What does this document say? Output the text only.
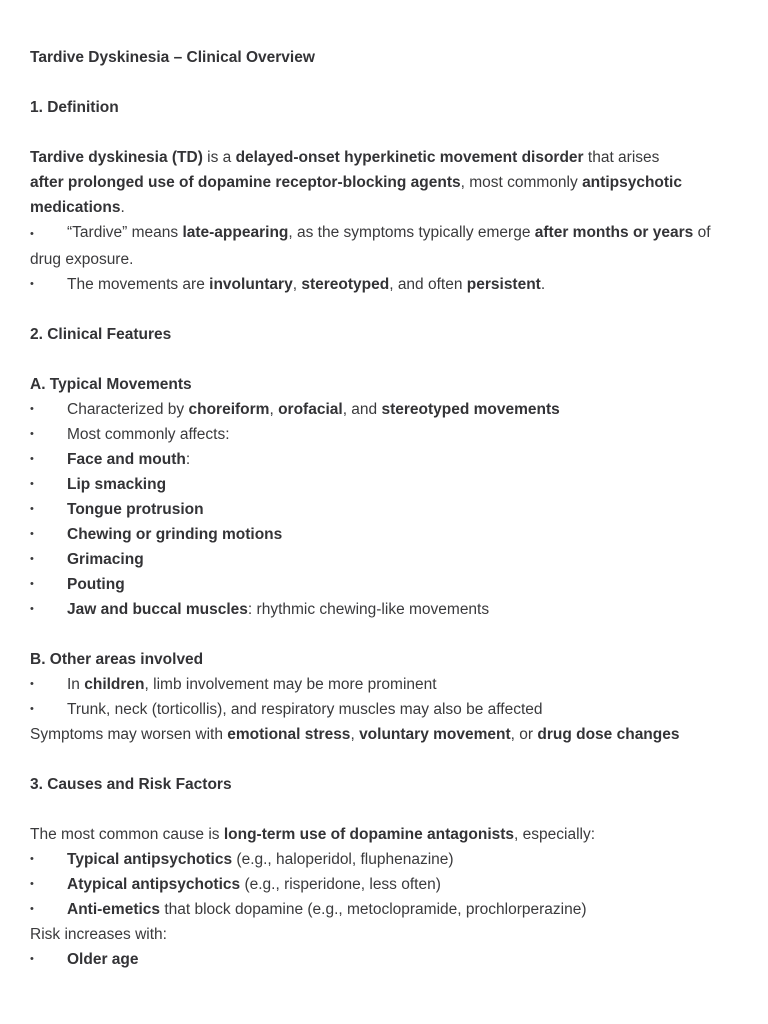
Tardive Dyskinesia – Clinical Overview
1. Definition
Tardive dyskinesia (TD) is a delayed-onset hyperkinetic movement disorder that arises
after prolonged use of dopamine receptor-blocking agents, most commonly antipsychotic medications.
• “Tardive” means late-appearing, as the symptoms typically emerge after months or years of drug exposure.
•	The movements are involuntary, stereotyped, and often persistent.
2. Clinical Features
A. Typical Movements
•	Characterized by choreiform, orofacial, and stereotyped movements
•	Most commonly affects:
•	Face and mouth:
•	Lip smacking
•	Tongue protrusion
•	Chewing or grinding motions
•	Grimacing
•	Pouting
•	Jaw and buccal muscles: rhythmic chewing-like movements
B. Other areas involved
•	In children, limb involvement may be more prominent
•	Trunk, neck (torticollis), and respiratory muscles may also be affected
Symptoms may worsen with emotional stress, voluntary movement, or drug dose changes
3. Causes and Risk Factors
The most common cause is long-term use of dopamine antagonists, especially:
•	Typical antipsychotics (e.g., haloperidol, fluphenazine)
•	Atypical antipsychotics (e.g., risperidone, less often)
•	Anti-emetics that block dopamine (e.g., metoclopramide, prochlorperazine)
Risk increases with:
•	Older age
